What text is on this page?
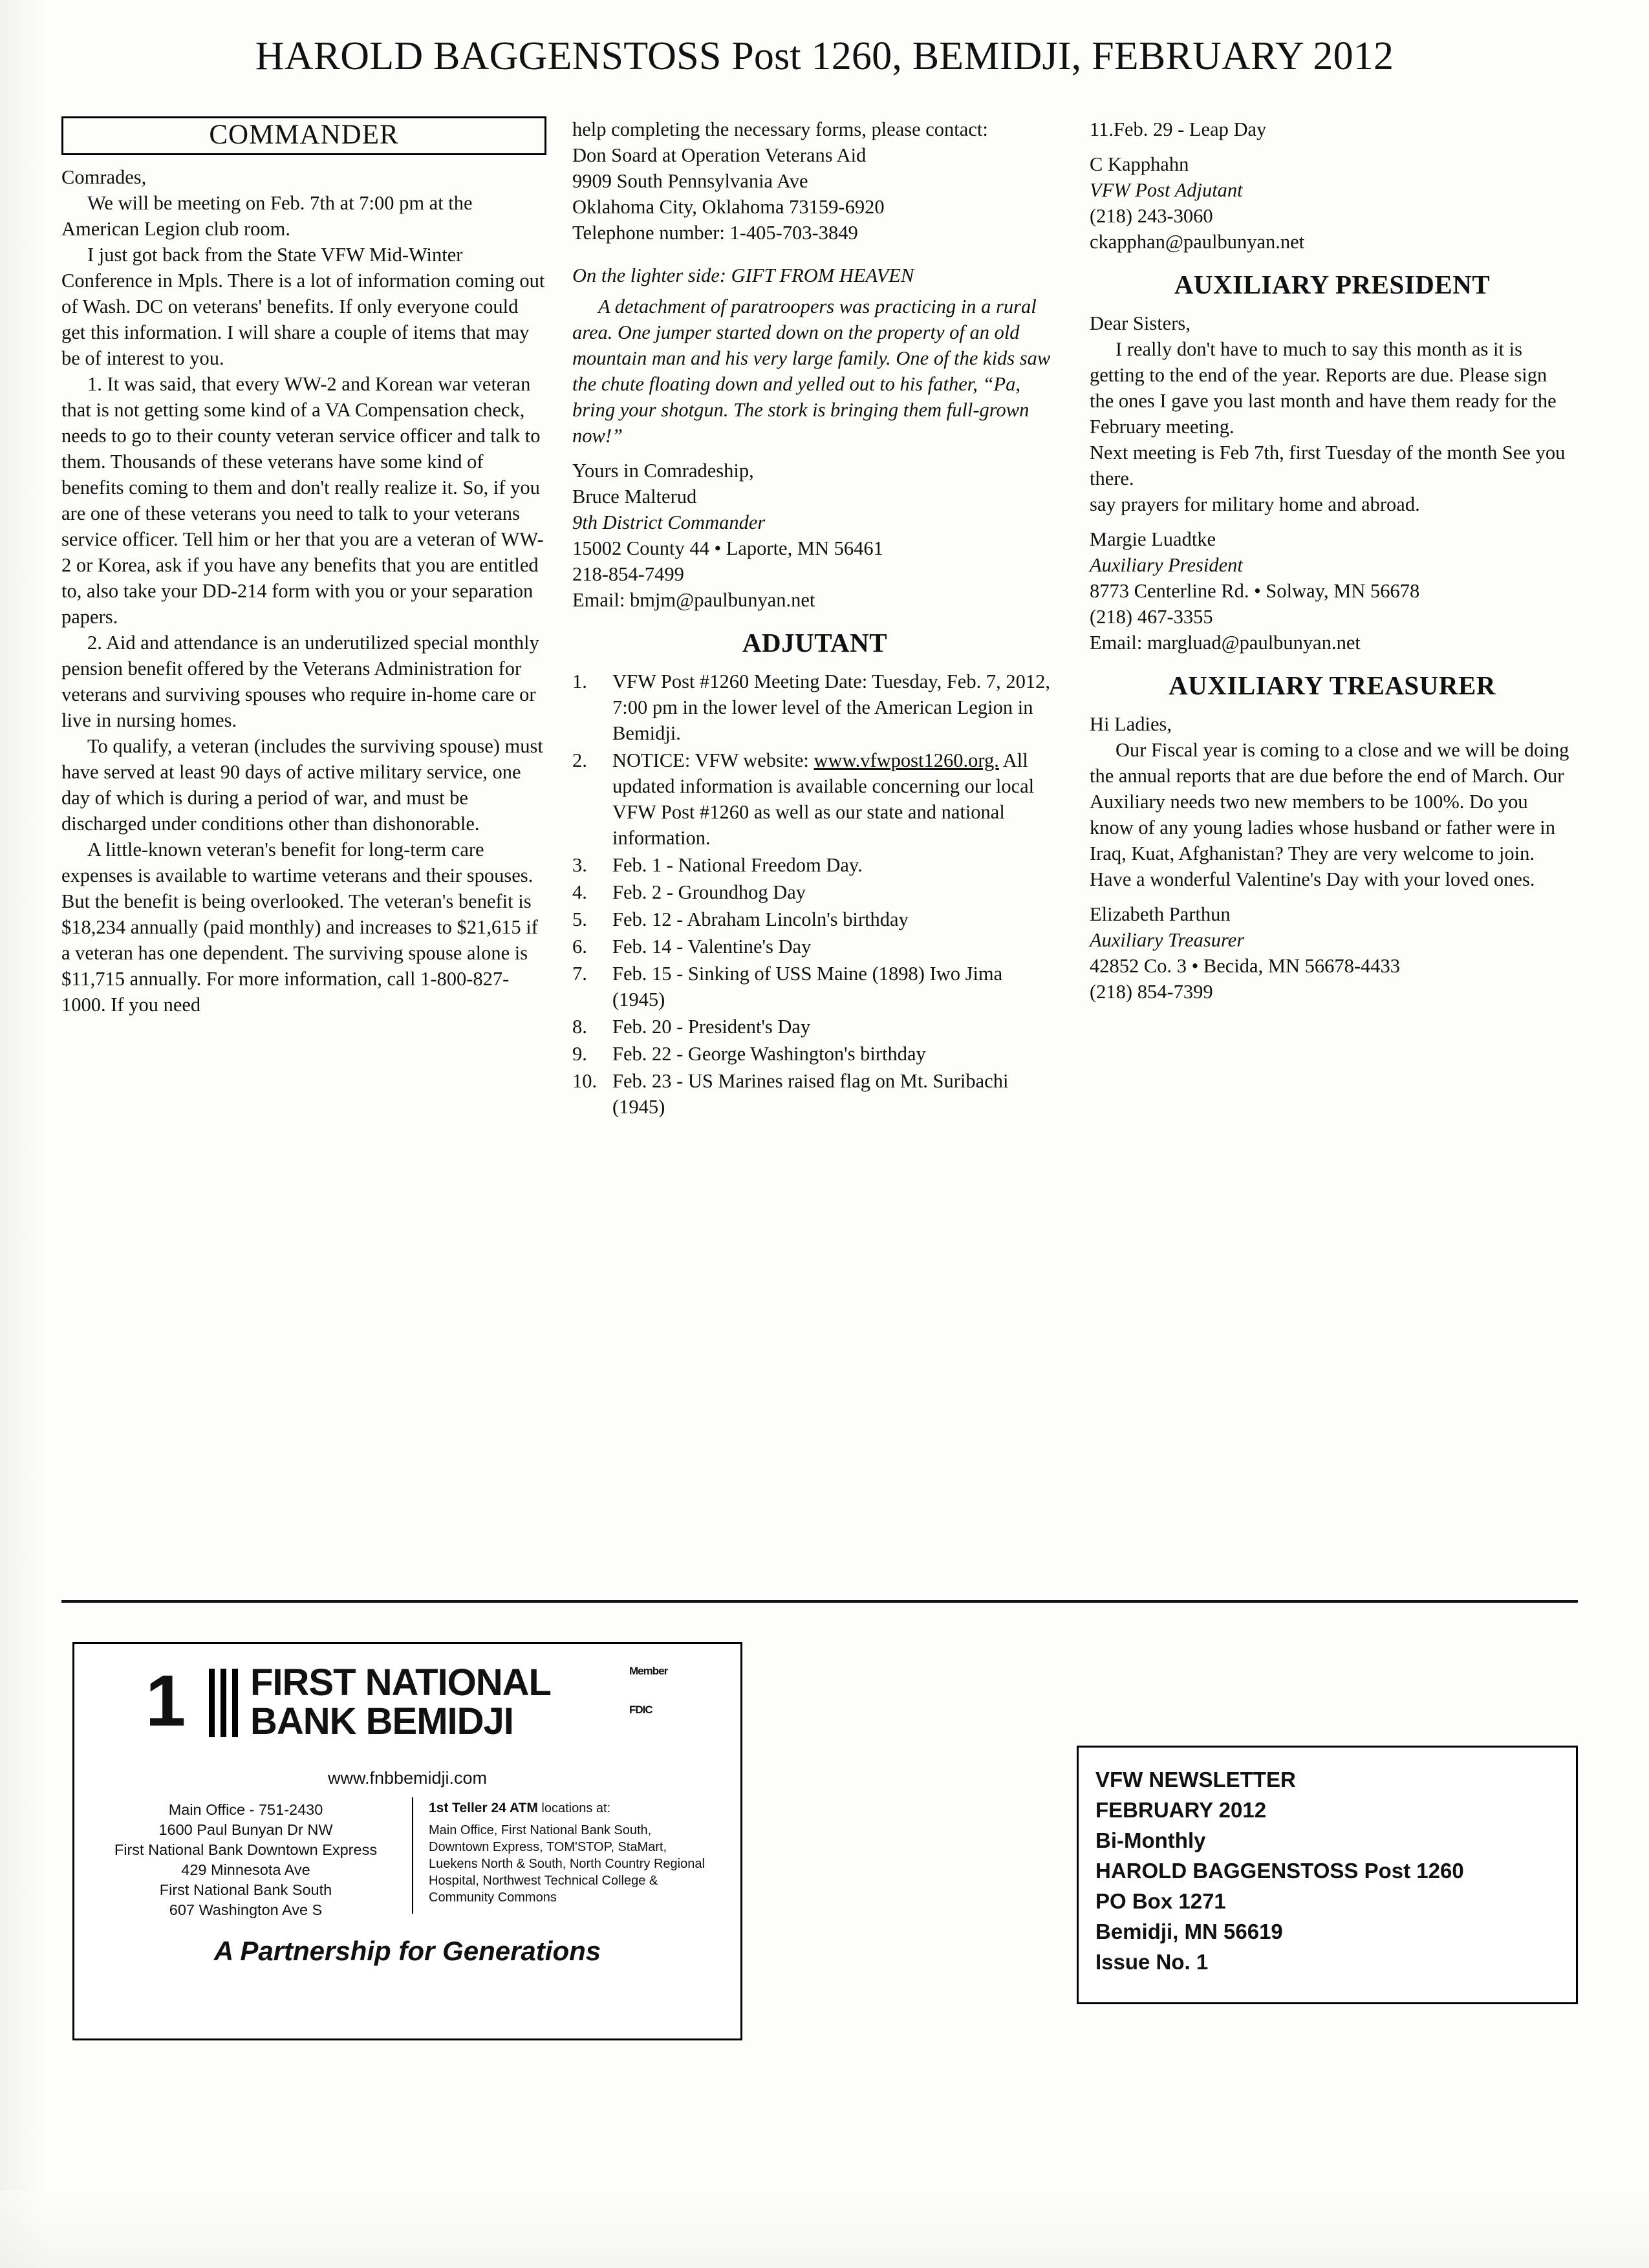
HAROLD BAGGENSTOSS Post 1260, BEMIDJI, FEBRUARY 2012
COMMANDER

Comrades,

We will be meeting on Feb. 7th at 7:00 pm at the American Legion club room.

I just got back from the State VFW Mid-Winter Conference in Mpls. There is a lot of information coming out of Wash. DC on veterans' benefits. If only everyone could get this information. I will share a couple of items that may be of interest to you.

1. It was said, that every WW-2 and Korean war veteran that is not getting some kind of a VA Compensation check, needs to go to their county veteran service officer and talk to them. Thousands of these veterans have some kind of benefits coming to them and don't really realize it. So, if you are one of these veterans you need to talk to your veterans service officer. Tell him or her that you are a veteran of WW-2 or Korea, ask if you have any benefits that you are entitled to, also take your DD-214 form with you or your separation papers.

2. Aid and attendance is an underutilized special monthly pension benefit offered by the Veterans Administration for veterans and surviving spouses who require in-home care or live in nursing homes.

To qualify, a veteran (includes the surviving spouse) must have served at least 90 days of active military service, one day of which is during a period of war, and must be discharged under conditions other than dishonorable.

A little-known veteran's benefit for long-term care expenses is available to wartime veterans and their spouses. But the benefit is being overlooked. The veteran's benefit is $18,234 annually (paid monthly) and increases to $21,615 if a veteran has one dependent. The surviving spouse alone is $11,715 annually. For more information, call 1-800-827-1000. If you need

help completing the necessary forms, please contact:

Don Soard at Operation Veterans Aid

9909 South Pennsylvania Ave

Oklahoma City, Oklahoma 73159-6920

Telephone number: 1-405-703-3849

On the lighter side: GIFT FROM HEAVEN

A detachment of paratroopers was practicing in a rural area. One jumper started down on the property of an old mountain man and his very large family. One of the kids saw the chute floating down and yelled out to his father, “Pa, bring your shotgun. The stork is bringing them full-grown now!”

Yours in Comradeship,

Bruce Malterud

9th District Commander

15002 County 44 • Laporte, MN 56461

218-854-7499

Email: bmjm@paulbunyan.net

ADJUTANT
1.	VFW Post #1260 Meeting Date: Tuesday, Feb. 7, 2012, 7:00 pm in the lower level of the American Legion in Bemidji.
2.	NOTICE: VFW website: www.vfwpost1260.org. All updated information is available concerning our local VFW Post #1260 as well as our state and national information.
3.	Feb. 1 - National Freedom Day.
4.	Feb. 2 - Groundhog Day
5.	Feb. 12 - Abraham Lincoln's birthday
6.	Feb. 14 - Valentine's Day
7.	Feb. 15 - Sinking of USS Maine (1898) Iwo Jima (1945)
8.	Feb. 20 - President's Day
9.	Feb. 22 - George Washington's birthday
10. Feb. 23 - US Marines raised flag on Mt. Suribachi (1945)

11.Feb. 29 - Leap Day

C Kapphahn

VFW Post Adjutant

(218) 243-3060

ckapphan@paulbunyan.net

AUXILIARY PRESIDENT

Dear Sisters,

I really don't have to much to say this month as it is getting to the end of the year. Reports are due. Please sign the ones I gave you last month and have them ready for the February meeting.

Next meeting is Feb 7th, first Tuesday of the month See you there.

say prayers for military home and abroad.

Margie Luadtke

Auxiliary President

8773 Centerline Rd. • Solway, MN 56678

(218) 467-3355

Email: margluad@paulbunyan.net

AUXILIARY TREASURER

Hi Ladies,

Our Fiscal year is coming to a close and we will be doing the annual reports that are due before the end of March. Our Auxiliary needs two new members to be 100%. Do you know of any young ladies whose husband or father were in Iraq, Kuat, Afghanistan? They are very welcome to join. Have a wonderful Valentine's Day with your loved ones.

Elizabeth Parthun

Auxiliary Treasurer

42852 Co. 3 • Becida, MN 56678-4433

(218) 854-7399

1 FIRST NATIONAL
BANK BEMIDJI
Member FDIC
www.fnbbemidji.com
Main Office - 751-2430
1600 Paul Bunyan Dr NW
First National Bank Downtown Express
429 Minnesota Ave
First National Bank South
607 Washington Ave S
1st Teller 24 ATM locations at:
Main Office, First National Bank South, Downtown Express, TOM'STOP, StaMart, Luekens North & South, North Country Regional Hospital, Northwest Technical College & Community Commons
A Partnership for Generations
VFW NEWSLETTER
FEBRUARY 2012
Bi-Monthly
HAROLD BAGGENSTOSS Post 1260
PO Box 1271
Bemidji, MN 56619
Issue No. 1
